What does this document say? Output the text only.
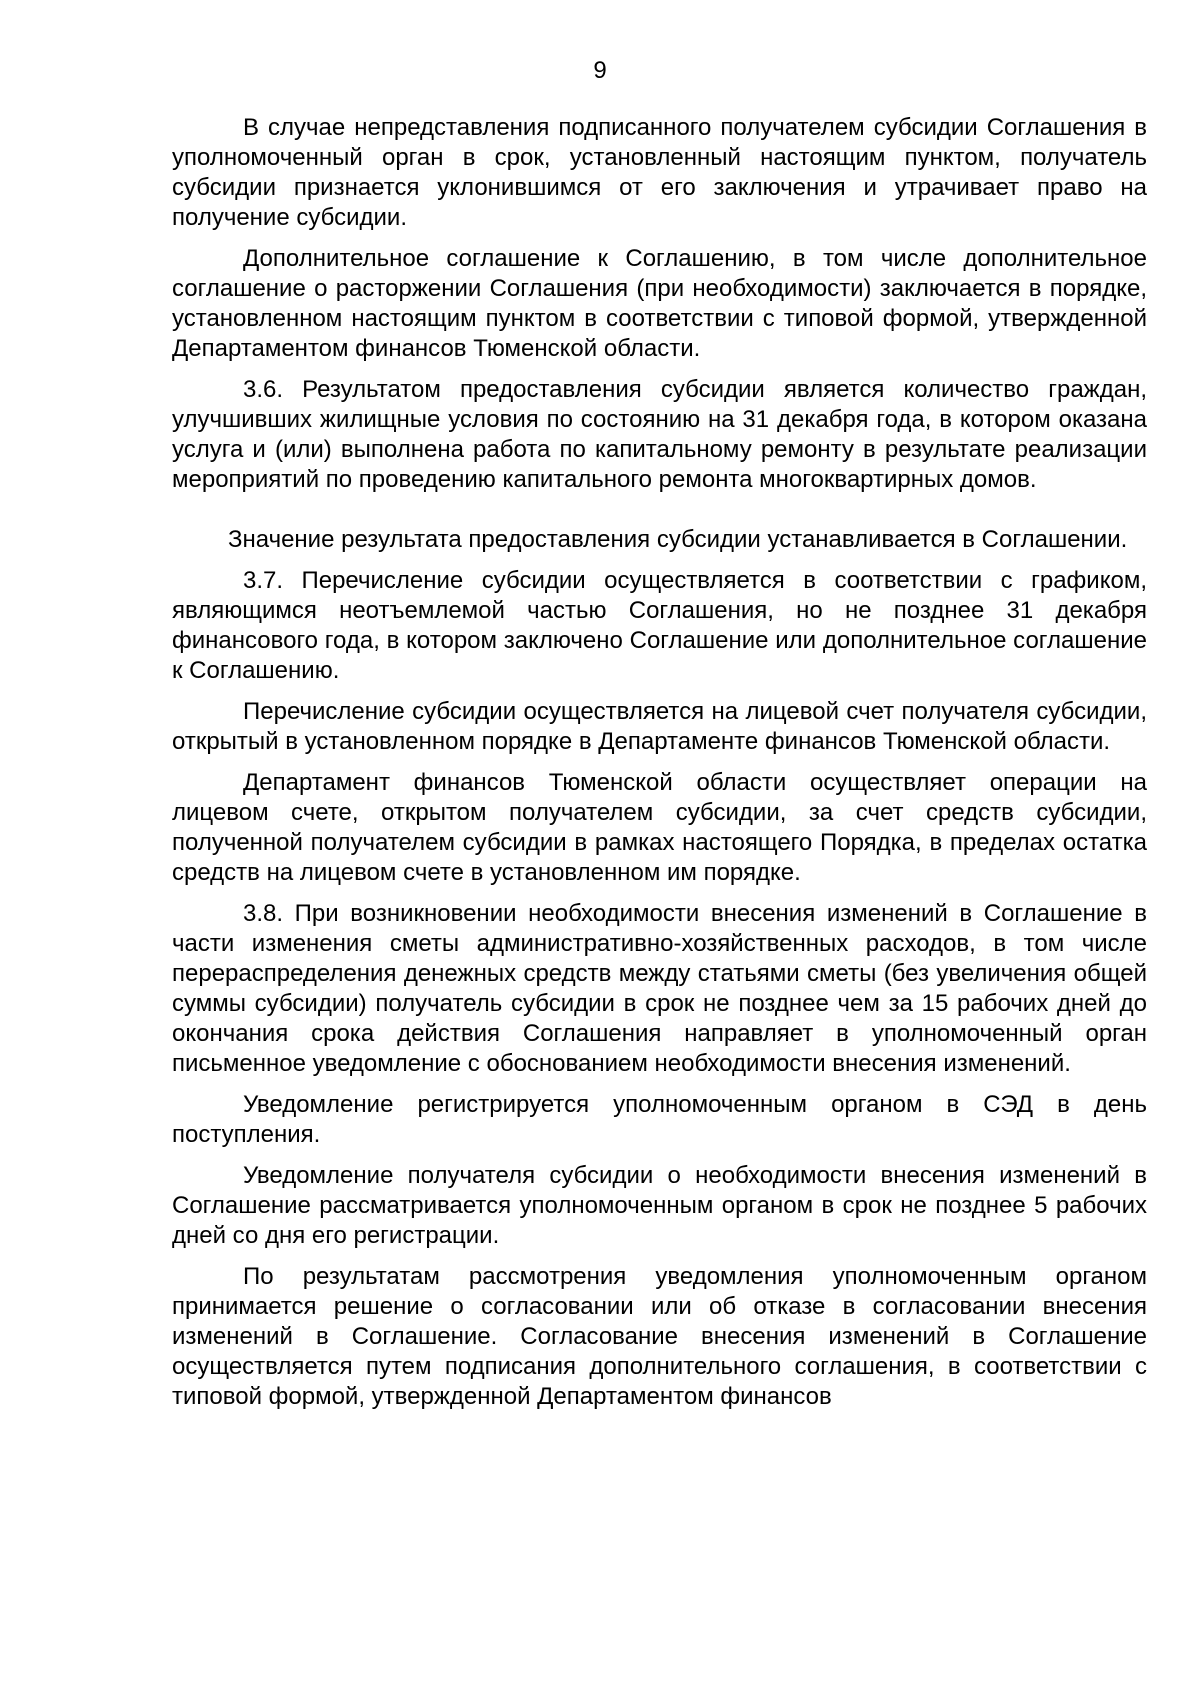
9

В случае непредставления подписанного получателем субсидии Соглашения в уполномоченный орган в срок, установленный настоящим пунктом, получатель субсидии признается уклонившимся от его заключения и утрачивает право на получение субсидии.

Дополнительное соглашение к Соглашению, в том числе дополнительное соглашение о расторжении Соглашения (при необходимости) заключается в порядке, установленном настоящим пунктом в соответствии с типовой формой, утвержденной Департаментом финансов Тюменской области.

3.6. Результатом предоставления субсидии является количество граждан, улучшивших жилищные условия по состоянию на 31 декабря года, в котором оказана услуга и (или) выполнена работа по капитальному ремонту в результате реализации мероприятий по проведению капитального ремонта многоквартирных домов.

Значение результата предоставления субсидии устанавливается в Соглашении.

3.7. Перечисление субсидии осуществляется в соответствии с графиком, являющимся неотъемлемой частью Соглашения, но не позднее 31 декабря финансового года, в котором заключено Соглашение или дополнительное соглашение к Соглашению.

Перечисление субсидии осуществляется на лицевой счет получателя субсидии, открытый в установленном порядке в Департаменте финансов Тюменской области.

Департамент финансов Тюменской области осуществляет операции на лицевом счете, открытом получателем субсидии, за счет средств субсидии, полученной получателем субсидии в рамках настоящего Порядка, в пределах остатка средств на лицевом счете в установленном им порядке.

3.8. При возникновении необходимости внесения изменений в Соглашение в части изменения сметы административно-хозяйственных расходов, в том числе перераспределения денежных средств между статьями сметы (без увеличения общей суммы субсидии) получатель субсидии в срок не позднее чем за 15 рабочих дней до окончания срока действия Соглашения направляет в уполномоченный орган письменное уведомление с обоснованием необходимости внесения изменений.

Уведомление регистрируется уполномоченным органом в СЭД в день поступления.

Уведомление получателя субсидии о необходимости внесения изменений в Соглашение рассматривается уполномоченным органом в срок не позднее 5 рабочих дней со дня его регистрации.

По результатам рассмотрения уведомления уполномоченным органом принимается решение о согласовании или об отказе в согласовании внесения изменений в Соглашение. Согласование внесения изменений в Соглашение осуществляется путем подписания дополнительного соглашения, в соответствии с типовой формой, утвержденной Департаментом финансов
